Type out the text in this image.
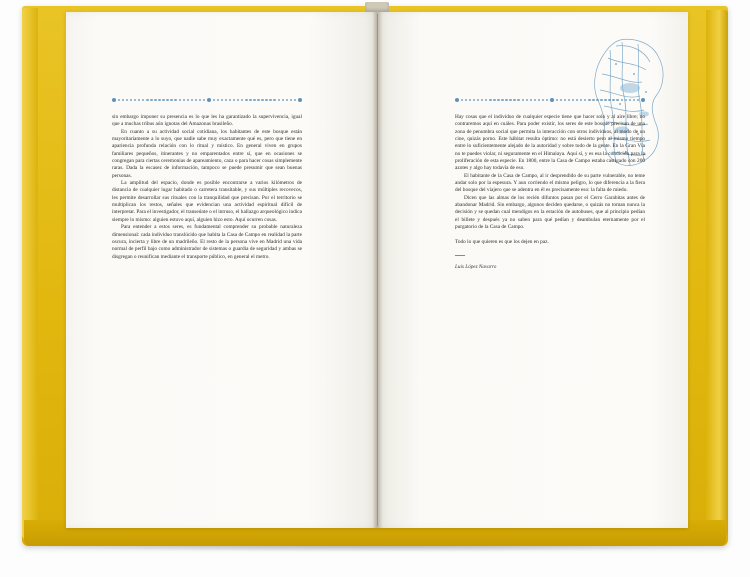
sin embargo imponer su presencia es lo que les ha garantizado la supervivencia, igual que a muchas tribus aún ignotas del Amazonas brasileño.

En cuanto a su actividad social cotidiana, los habitantes de este bosque están mayoritariamente a lo suyo, que nadie sabe muy exactamente qué es, pero que tiene en apariencia profunda relación con lo ritual y místico. En general viven en grupos familiares pequeños, itinerantes y no emparentados entre sí, que en ocasiones se congregan para ciertas ceremonias de apareamiento, caza o para hacer cosas simplemente raras. Dada la escasez de información, tampoco se puede presumir que sean buenas personas.

La amplitud del espacio, donde es posible encontrarse a varios kilómetros de distancia de cualquier lugar habitado o carretera transitable, y sus múltiples recovecos, les permite desarrollar sus rituales con la tranquilidad que precisan. Por el territorio se multiplican los restos, señales que evidencian una actividad espiritual difícil de interpretar. Para el investigador, el transeúnte o el intruso, el hallazgo arqueológico indica siempre lo mismo: alguien estuvo aquí, alguien hizo esto. Aquí ocurren cosas.

Para entender a estos seres, es fundamental comprender su probable naturaleza dimensional: cada individuo translúcido que habita la Casa de Campo en realidad la parte oscura, incierta y libre de un madrileño. El resto de la persona vive en Madrid una vida normal de perfil bajo como administrador de sistemas o guardia de seguridad y ambas se disgregan o reunifican mediante el transporte público, en general el metro.

Hay cosas que el individuo de cualquier especie tiene que hacer solo y al aire libre; no contraremos aquí en cuáles. Para poder existir, los seres de este bosque precisan de una zona de penumbra social que permita la interacción con otros individuos, al modo de un cine, quizás porno. Este hábitat resulta óptimo: no está desierto pero al mismo tiempo entre lo suficientemente alejado de la autoridad y sobre todo de la gente. En la Gran Vía no te puedes violar, ni seguramente en el Himalaya. Aquí sí, y es esa la condición para la proliferación de esta especie. En 1800, entre la Casa de Campo estaba castigado con 200 azotes y algo hay todavía de eso.

El habitante de la Casa de Campo, al ir desprendido de su parte vulnerable, no teme andar solo por la espesura. Y aun corriendo el mismo peligro, lo que diferencia a la fiera del bosque del viajero que se adentra en él es precisamente eso: la falta de miedo.

Dicen que las almas de los recién difuntos pasan por el Cerro Garabitas antes de abandonar Madrid. Sin embargo, algunos deciden quedarse, o quizás no toman nunca la decisión y se quedan cual mendigos en la estación de autobuses, que al principio pedían el billete y después ya no saben para qué pedían y deambulan eternamente por el purgatorio de la Casa de Campo.

Todo lo que quieren es que los dejen en paz.

Luis López Navarro
